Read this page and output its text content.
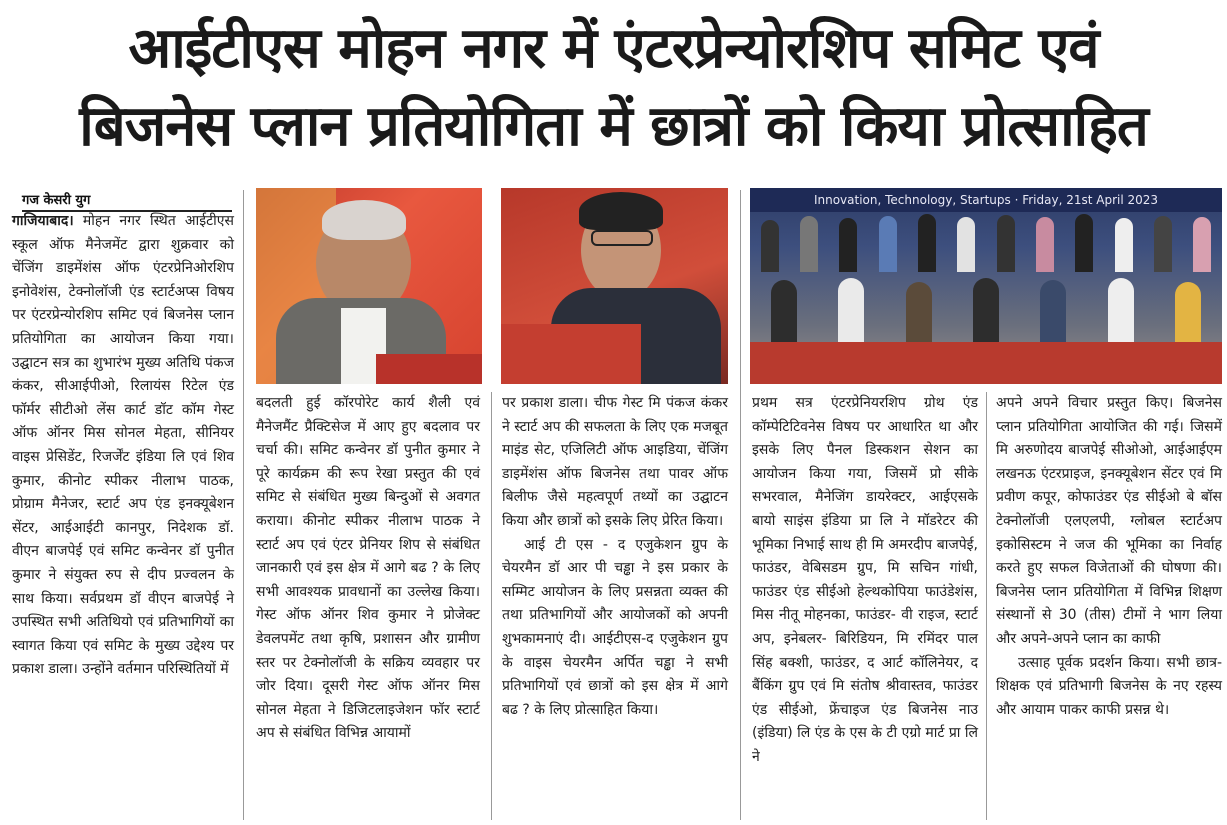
आईटीएस मोहन नगर में एंटरप्रेन्योरशिप समिट एवं
बिजनेस प्लान प्रतियोगिता में छात्रों को किया प्रोत्साहित
गज केसरी युग	Innovation, Technology, Startups · Friday, 21st April 2023

गाजियाबाद। मोहन नगर स्थित आईटीएस स्कूल ऑफ मैनेजमेंट द्वारा शुक्रवार को चेंजिंग डाइमेंशंस ऑफ एंटरप्रेनिओरशिप इनोवेशंस, टेक्नोलॉजी एंड स्टार्टअप्स विषय पर एंटरप्रेन्योरशिप समिट एवं बिजनेस प्लान प्रतियोगिता का आयोजन किया गया। उद्घाटन सत्र का शुभारंभ मुख्य अतिथि पंकज कंकर, सीआईपीओ, रिलायंस रिटेल एंड फॉर्मर सीटीओ लेंस कार्ट डॉट कॉम गेस्ट ऑफ ऑनर मिस सोनल मेहता, सीनियर वाइस प्रेसिडेंट, रिजर्जेंट इंडिया लि एवं शिव कुमार, कीनोट स्पीकर नीलाभ पाठक, प्रोग्राम मैनेजर, स्टार्ट अप एंड इनक्यूबेशन सेंटर, आईआईटी कानपुर, निदेशक डॉ. वीएन बाजपेई एवं समिट कन्वेनर डॉ पुनीत कुमार ने संयुक्त रुप से दीप प्रज्वलन के साथ किया। सर्वप्रथम डॉ वीएन बाजपेई ने उपस्थित सभी अतिथियो एवं प्रतिभागियों का स्वागत किया एवं समिट के मुख्य उद्देश्य पर प्रकाश डाला। उन्होंने वर्तमान परिस्थितियों में

बदलती हुई कॉरपोरेट कार्य शैली एवं मैनेजमैंट प्रैक्टिसेज में आए हुए बदलाव पर चर्चा की। समिट कन्वेनर डॉ पुनीत कुमार ने पूरे कार्यक्रम की रूप रेखा प्रस्तुत की एवं समिट से संबंधित मुख्य बिन्दुओं से अवगत कराया। कीनोट स्पीकर नीलाभ पाठक ने स्टार्ट अप एवं एंटर प्रेनियर शिप से संबंधित जानकारी एवं इस क्षेत्र में आगे बढ ? के लिए सभी आवश्यक प्रावधानों का उल्लेख किया। गेस्ट ऑफ ऑनर शिव कुमार ने प्रोजेक्ट डेवलपमेंट तथा कृषि, प्रशासन और ग्रामीण स्तर पर टेक्नोलॉजी के सक्रिय व्यवहार पर जोर दिया। दूसरी गेस्ट ऑफ ऑनर मिस सोनल मेहता ने डिजिटलाइजेशन फॉर स्टार्ट अप से संबंधित विभिन्न आयामों

पर प्रकाश डाला। चीफ गेस्ट मि पंकज कंकर ने स्टार्ट अप की सफलता के लिए एक मजबूत माइंड सेट, एजिलिटी ऑफ आइडिया, चेंजिंग डाइमेंशंस ऑफ बिजनेस तथा पावर ऑफ बिलीफ जैसे महत्वपूर्ण तथ्यों का उद्घाटन किया और छात्रों को इसके लिए प्रेरित किया।

आई टी एस - द एजुकेशन ग्रुप के चेयरमैन डॉ आर पी चड्ढा ने इस प्रकार के सम्मिट आयोजन के लिए प्रसन्नता व्यक्त की तथा प्रतिभागियों और आयोजकों को अपनी शुभकामनाएं दी। आईटीएस-द एजुकेशन ग्रुप के वाइस चेयरमैन अर्पित चड्ढा ने सभी प्रतिभागियों एवं छात्रों को इस क्षेत्र में आगे बढ ? के लिए प्रोत्साहित किया।

प्रथम सत्र एंटरप्रेनियरशिप ग्रोथ एंड कॉम्पेटिटिवनेस विषय पर आधारित था और इसके लिए पैनल डिस्कशन सेशन का आयोजन किया गया, जिसमें प्रो सीके सभरवाल, मैनेजिंग डायरेक्टर, आईएसके बायो साइंस इंडिया प्रा लि ने मॉडरेटर की भूमिका निभाई साथ ही मि अमरदीप बाजपेई, फाउंडर, वेबिसडम ग्रुप, मि सचिन गांधी, फाउंडर एंड सीईओ हेल्थकोपिया फाउंडेशंस, मिस नीतू मोहनका, फाउंडर- वी राइज, स्टार्ट अप, इनेबलर- बिरिडियन, मि रमिंदर पाल सिंह बक्शी, फाउंडर, द आर्ट कॉलिनेयर, द बैंकिंग ग्रुप एवं मि संतोष श्रीवास्तव, फाउंडर एंड सीईओ, फ्रेंचाइज एंड बिजनेस नाउ (इंडिया) लि एंड के एस के टी एग्रो मार्ट प्रा लि ने

अपने अपने विचार प्रस्तुत किए। बिजनेस प्लान प्रतियोगिता आयोजित की गई। जिसमें मि अरुणोदय बाजपेई सीओओ, आईआईएम लखनऊ एंटरप्राइज, इनक्यूबेशन सेंटर एवं मि प्रवीण कपूर, कोफाउंडर एंड सीईओ बे बॉस टेक्नोलॉजी एलएलपी, ग्लोबल स्टार्टअप इकोसिस्टम ने जज की भूमिका का निर्वाह करते हुए सफल विजेताओं की घोषणा की। बिजनेस प्लान प्रतियोगिता में विभिन्न शिक्षण संस्थानों से 30 (तीस) टीमों ने भाग लिया और अपने-अपने प्लान का काफी

उत्साह पूर्वक प्रदर्शन किया। सभी छात्र-शिक्षक एवं प्रतिभागी बिजनेस के नए रहस्य और आयाम पाकर काफी प्रसन्न थे।
